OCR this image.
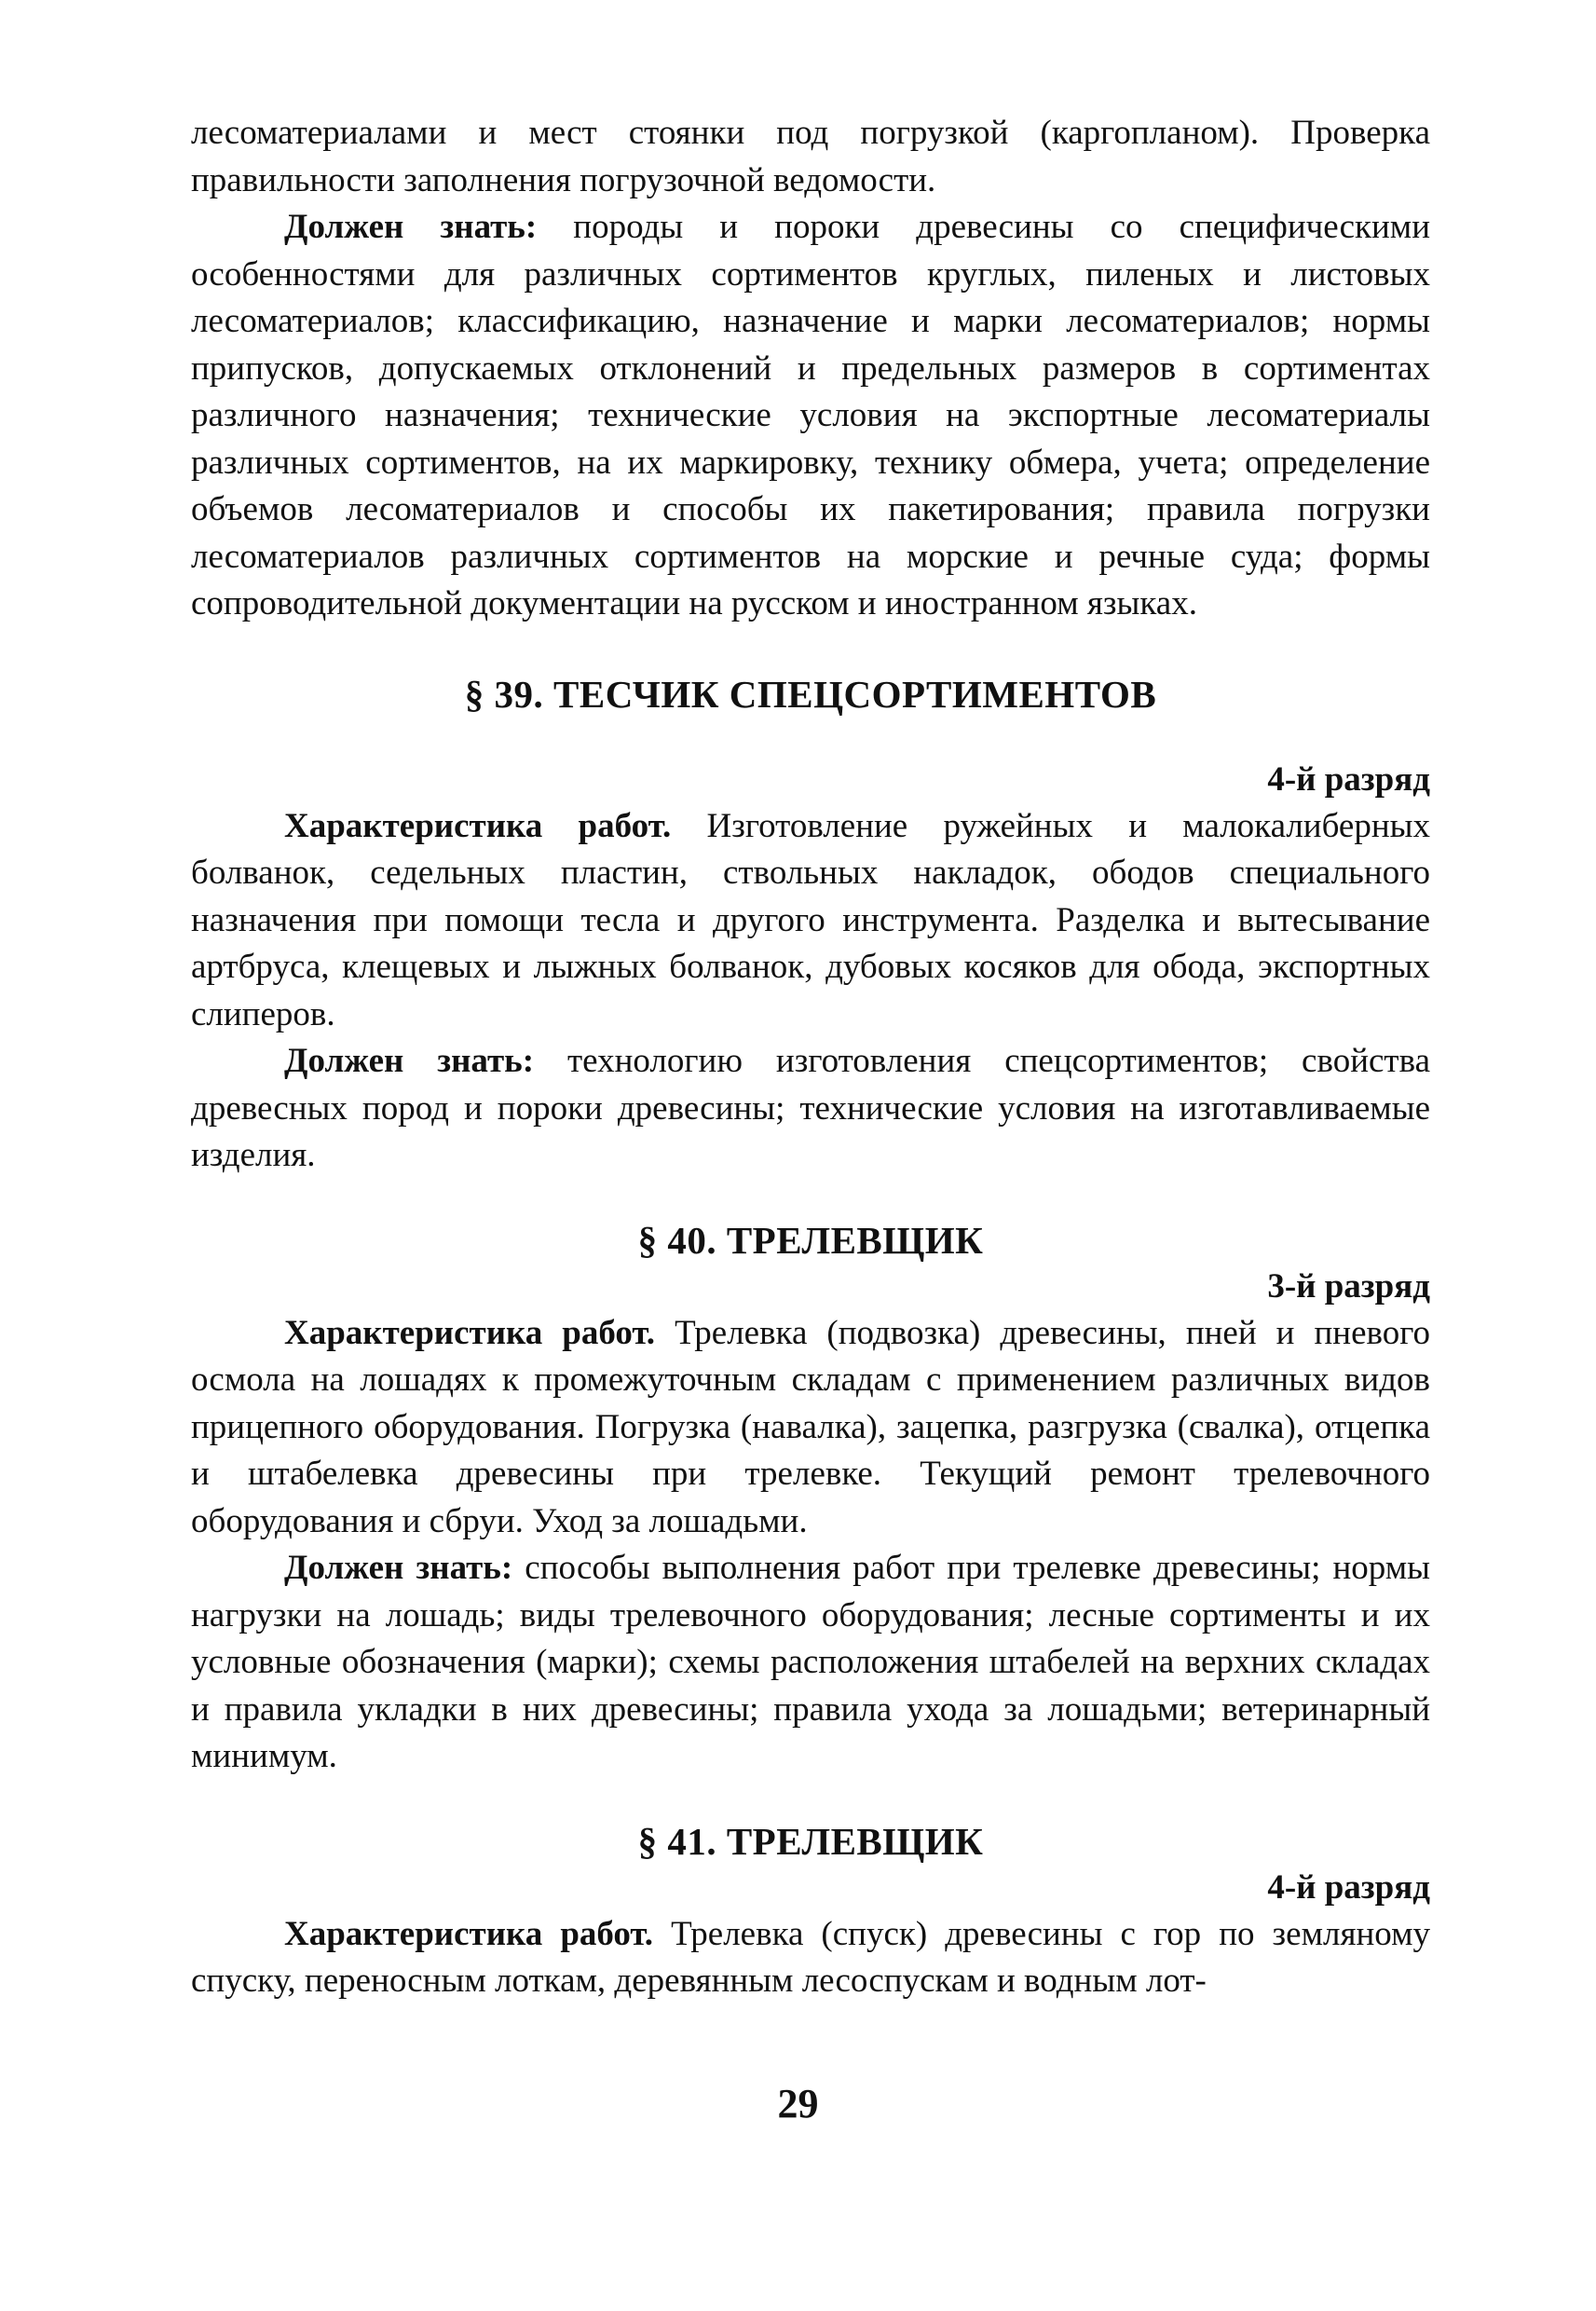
лесоматериалами и мест стоянки под погрузкой (каргопланом). Проверка правильности заполнения погрузочной ведомости.

Должен знать: породы и пороки древесины со специфическими особенностями для различных сортиментов круглых, пиленых и листовых лесоматериалов; классификацию, назначение и марки лесоматериалов; нормы припусков, допускаемых отклонений и предельных размеров в сортиментах различного назначения; технические условия на экспортные лесоматериалы различных сортиментов, на их маркировку, технику обмера, учета; определение объемов лесоматериалов и способы их пакетирования; правила погрузки лесоматериалов различных сортиментов на морские и речные суда; формы сопроводительной документации на русском и иностранном языках.

§ 39. ТЕСЧИК СПЕЦСОРТИМЕНТОВ

4-й разряд

Характеристика работ. Изготовление ружейных и малокалиберных болванок, седельных пластин, ствольных накладок, ободов специального назначения при помощи тесла и другого инструмента. Разделка и вытесывание артбруса, клещевых и лыжных болванок, дубовых косяков для обода, экспортных слиперов.

Должен знать: технологию изготовления спецсортиментов; свойства древесных пород и пороки древесины; технические условия на изготавливаемые изделия.

§ 40. ТРЕЛЕВЩИК

3-й разряд

Характеристика работ. Трелевка (подвозка) древесины, пней и пневого осмола на лошадях к промежуточным складам с применением различных видов прицепного оборудования. Погрузка (навалка), зацепка, разгрузка (свалка), отцепка и штабелевка древесины при трелевке. Текущий ремонт трелевочного оборудования и сбруи. Уход за лошадьми.

Должен знать: способы выполнения работ при трелевке древесины; нормы нагрузки на лошадь; виды трелевочного оборудования; лесные сортименты и их условные обозначения (марки); схемы расположения штабелей на верхних складах и правила укладки в них древесины; правила ухода за лошадьми; ветеринарный минимум.

§ 41. ТРЕЛЕВЩИК

4-й разряд

Характеристика работ. Трелевка (спуск) древесины с гор по земляному спуску, переносным лоткам, деревянным лесоспускам и водным лот-

29
